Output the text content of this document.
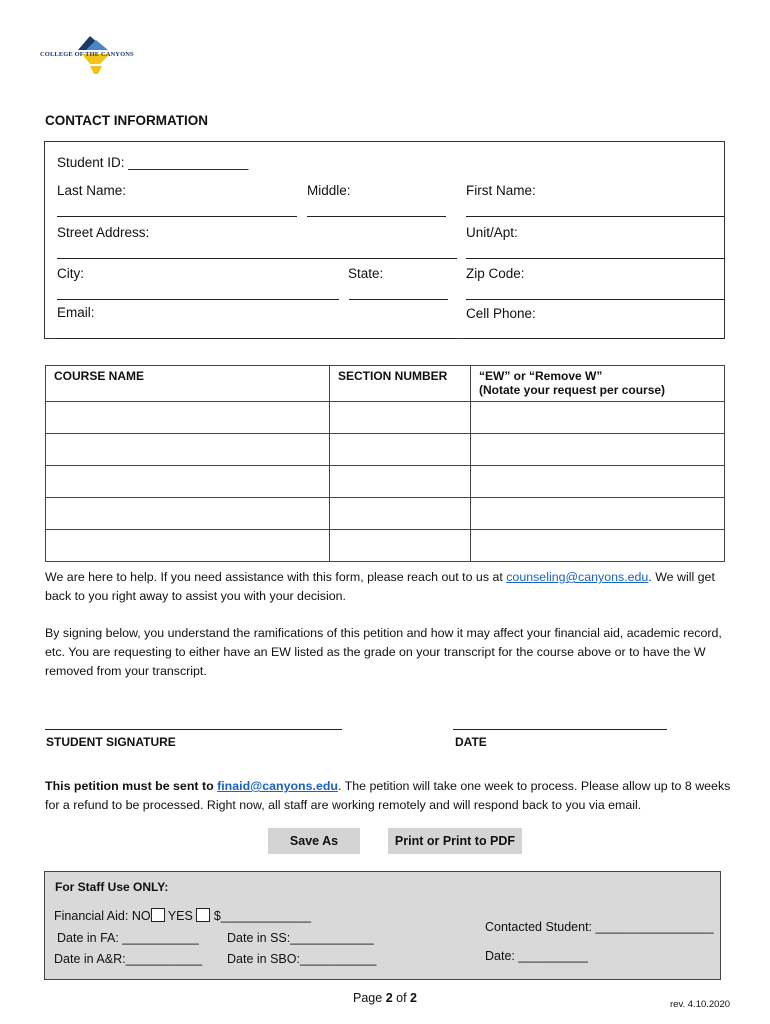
COLLEGE OF THE CANYONS
CONTACT INFORMATION
Student ID: ________________
Last Name:	Middle:	First Name:
Street Address:	Unit/Apt:
City:	State:	Zip Code:
Email:	Cell Phone:
COURSE NAME	SECTION NUMBER	“EW” or “Remove W”
(Notate your request per course)

We are here to help. If you need assistance with this form, please reach out to us at counseling@canyons.edu. We will get back to you right away to assist you with your decision.
By signing below, you understand the ramifications of this petition and how it may affect your financial aid, academic record, etc. You are requesting to either have an EW listed as the grade on your transcript for the course above or to have the W removed from your transcript.
STUDENT SIGNATURE	DATE
This petition must be sent to finaid@canyons.edu. The petition will take one week to process. Please allow up to 8 weeks for a refund to be processed. Right now, all staff are working remotely and will respond back to you via email.
Save As	Print or Print to PDF
For Staff Use ONLY:
Financial Aid: NO YES $_____________
Date in FA: ___________ Date in SS:____________
Date in A&R:___________ Date in SBO:___________
Contacted Student: _________________
Date: __________
Page 2 of 2	rev. 4.10.2020
